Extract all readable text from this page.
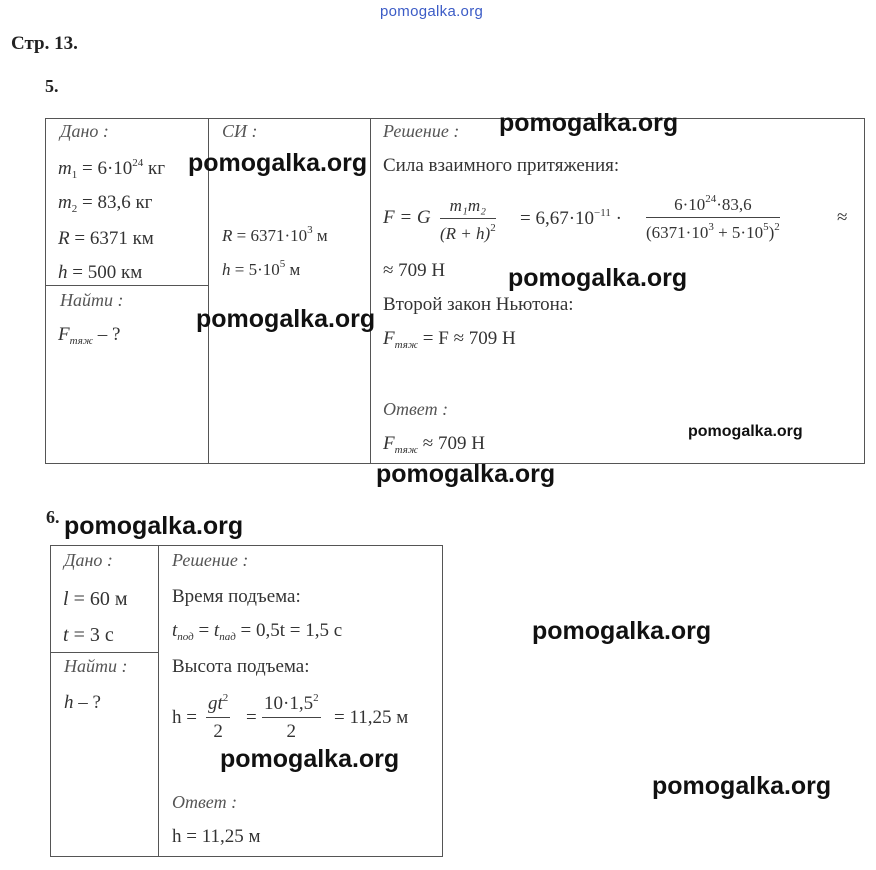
pomogalka.org
Стр. 13.
5.
Дано :
$m_1 = 6\cdot 10^{24}$ кг
$m_2 = 83,6$ кг
R = 6371 км
h = 500 км
Найти :
$F_{тяж}$ – ?
СИ :
$R = 6371\cdot 10^3$ м
$h = 5\cdot 10^5$ м
Решение :
Сила взаимного притяжения:
F = G $\frac{\text{m₁m₂}}{(R + h)^2} = 6,67\cdot 10^{-11} \cdot \frac{6\cdot 10^{24}\cdot 83,6}{(6371\cdot 10^3 + 5\cdot 10^5)^2}$	≈
≈ 709 Н
Второй закон Ньютона:
$F_{тяж} = F \approx 709$ Н
Ответ :
$F_{тяж} \approx 709$ Н
6.
Дано :
l = 60 м
t = 3 с
Найти :
h – ?
Решение :
Время подъема:
$t_{под} = t_{пад} = 0,5t = 1,5$ с
Высота подъема:
$h = \frac{gt^2}{2} = \frac{10\cdot 1,5^2}{2} = 11,25$ м
Ответ :
h = 11,25 м
pomogalka.org
pomogalka.org
pomogalka.org
pomogalka.org
pomogalka.org
pomogalka.org
pomogalka.org
pomogalka.org
pomogalka.org
pomogalka.org
